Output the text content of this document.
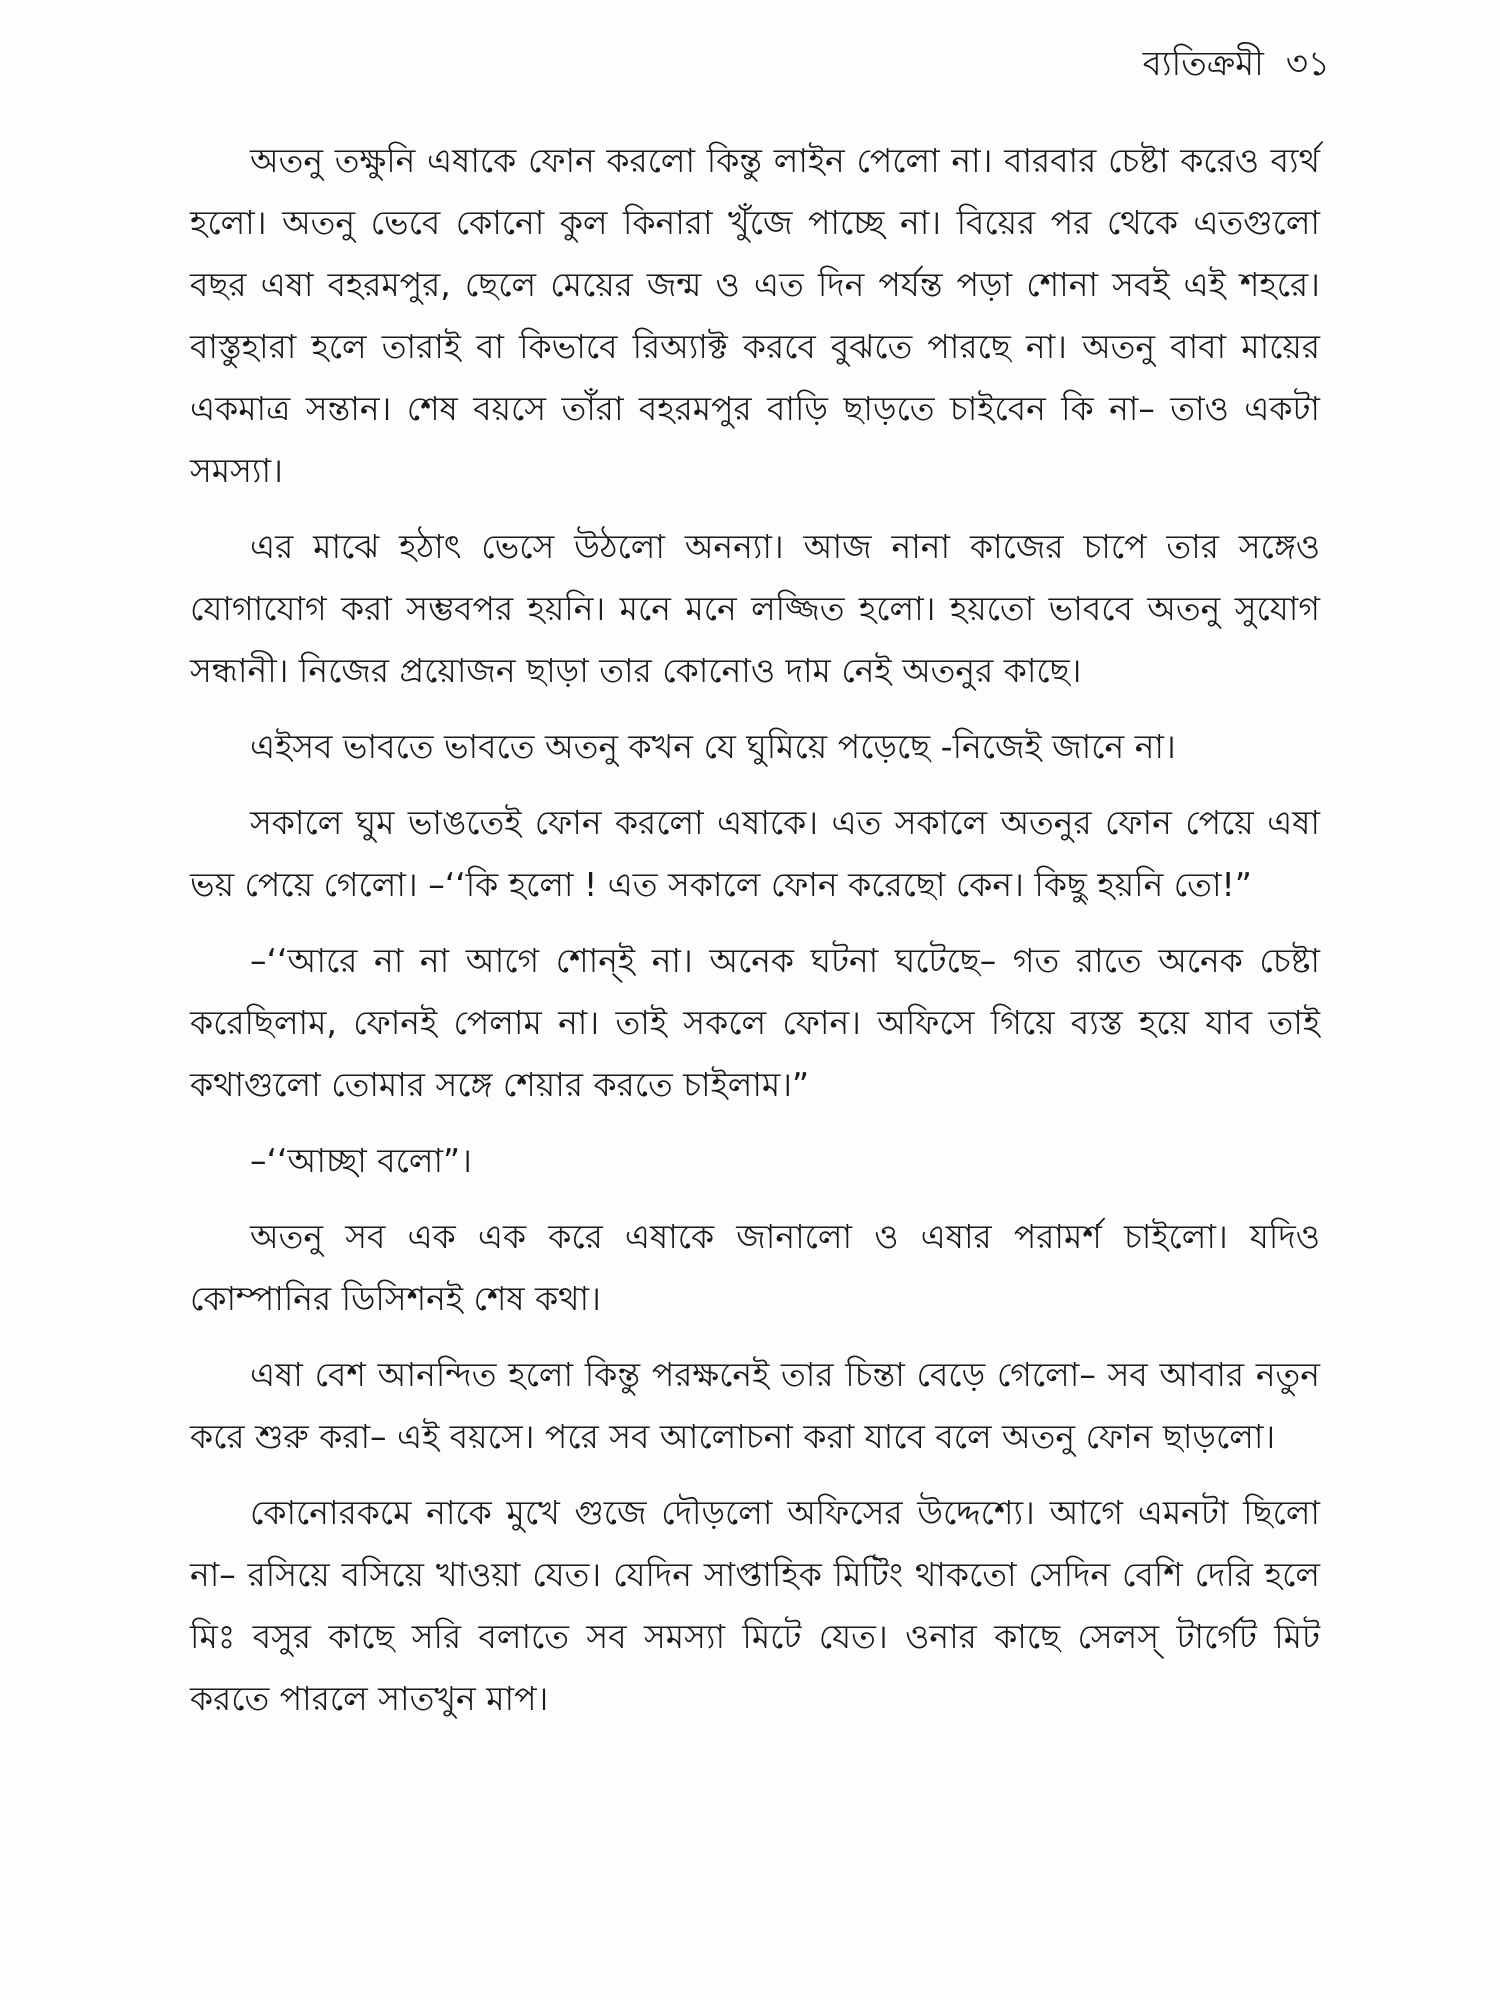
ব্যতিক্রমী ৩১

অতনু তক্ষুনি এষাকে ফোন করলো কিন্তু লাইন পেলো না। বারবার চেষ্টা করেও ব্যর্থ হলো। অতনু ভেবে কোনো কুল কিনারা খুঁজে পাচ্ছে না। বিয়ের পর থেকে এতগুলো বছর এষা বহরমপুর, ছেলে মেয়ের জন্ম ও এত দিন পর্যন্ত পড়া শোনা সবই এই শহরে। বাস্তুহারা হলে তারাই বা কিভাবে রিঅ্যাক্ট করবে বুঝতে পারছে না। অতনু বাবা মায়ের একমাত্র সন্তান। শেষ বয়সে তাঁরা বহরমপুর বাড়ি ছাড়তে চাইবেন কি না– তাও একটা সমস্যা।

এর মাঝে হঠাৎ ভেসে উঠলো অনন্যা। আজ নানা কাজের চাপে তার সঙ্গেও যোগাযোগ করা সম্ভবপর হয়নি। মনে মনে লজ্জিত হলো। হয়তো ভাববে অতনু সুযোগ সন্ধানী। নিজের প্রয়োজন ছাড়া তার কোনোও দাম নেই অতনুর কাছে।

এইসব ভাবতে ভাবতে অতনু কখন যে ঘুমিয়ে পড়েছে -নিজেই জানে না।

সকালে ঘুম ভাঙতেই ফোন করলো এষাকে। এত সকালে অতনুর ফোন পেয়ে এষা ভয় পেয়ে গেলো। –‘‘কি হলো ! এত সকালে ফোন করেছো কেন। কিছু হয়নি তো!”

–‘‘আরে না না আগে শোন্ই না। অনেক ঘটনা ঘটেছে– গত রাতে অনেক চেষ্টা করেছিলাম, ফোনই পেলাম না। তাই সকলে ফোন। অফিসে গিয়ে ব্যস্ত হয়ে যাব তাই কথাগুলো তোমার সঙ্গে শেয়ার করতে চাইলাম।”

–‘‘আচ্ছা বলো”।

অতনু সব এক এক করে এষাকে জানালো ও এষার পরামর্শ চাইলো। যদিও কোম্পানির ডিসিশনই শেষ কথা।

এষা বেশ আনন্দিত হলো কিন্তু পরক্ষনেই তার চিন্তা বেড়ে গেলো– সব আবার নতুন করে শুরু করা– এই বয়সে। পরে সব আলোচনা করা যাবে বলে অতনু ফোন ছাড়লো।

কোনোরকমে নাকে মুখে গুজে দৌড়লো অফিসের উদ্দেশ্যে। আগে এমনটা ছিলো না– রসিয়ে বসিয়ে খাওয়া যেত। যেদিন সাপ্তাহিক মিটিং থাকতো সেদিন বেশি দেরি হলে মিঃ বসুর কাছে সরি বলাতে সব সমস্যা মিটে যেত। ওনার কাছে সেলস্ টার্গেট মিট করতে পারলে সাতখুন মাপ।
